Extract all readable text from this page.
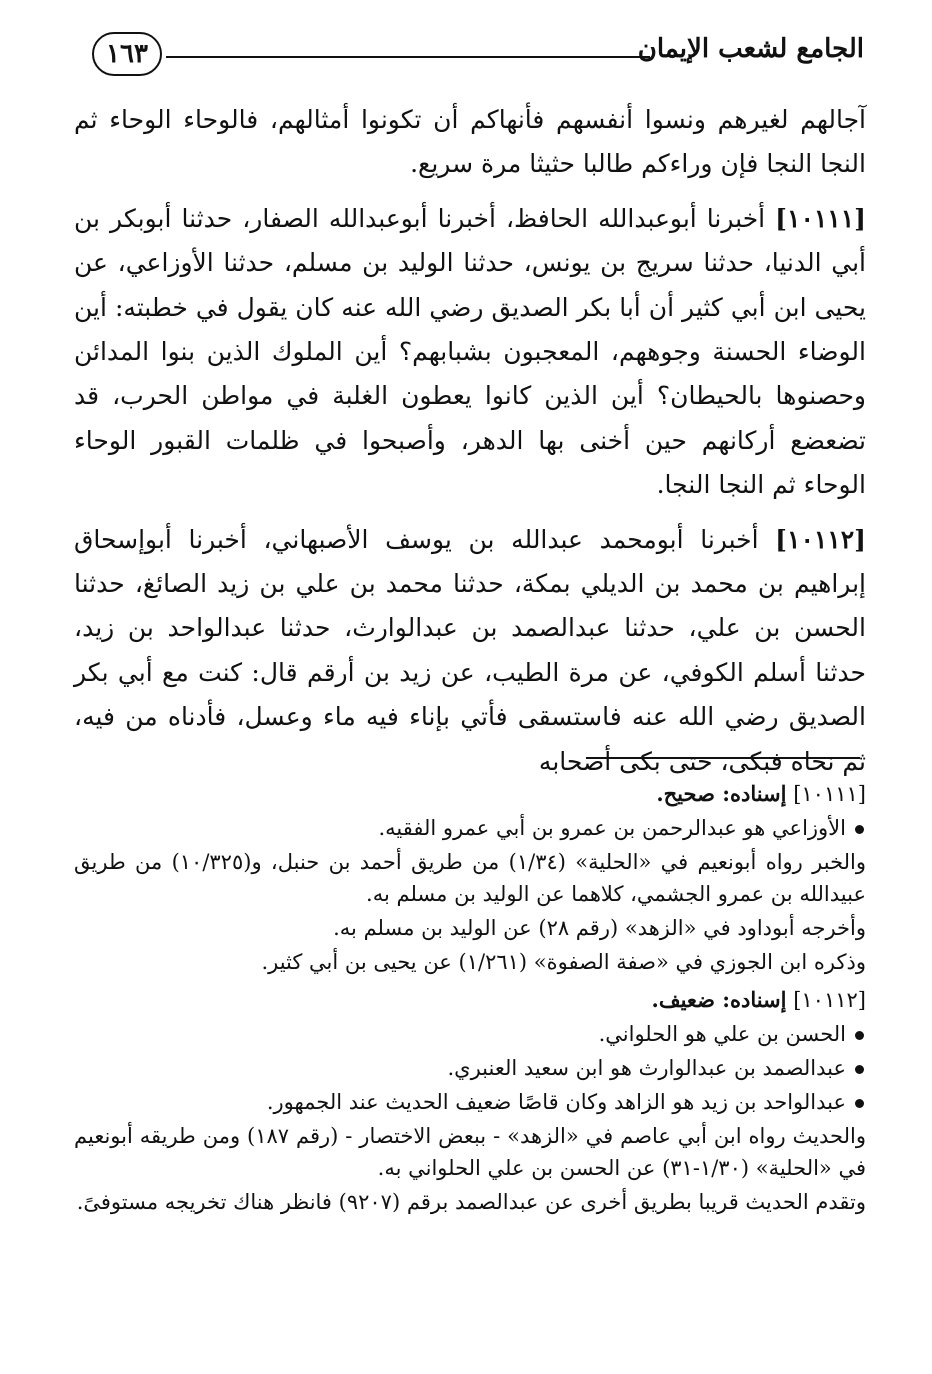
الجامع لشعب الإيمان
١٦٣

آجالهم لغيرهم ونسوا أنفسهم فأنهاكم أن تكونوا أمثالهم، فالوحاء الوحاء ثم النجا النجا فإن وراءكم طالبا حثيثا مرة سريع.

[١٠١١١] أخبرنا أبوعبدالله الحافظ، أخبرنا أبوعبدالله الصفار، حدثنا أبوبكر بن أبي الدنيا، حدثنا سريج بن يونس، حدثنا الوليد بن مسلم، حدثنا الأوزاعي، عن يحيى ابن أبي كثير أن أبا بكر الصديق رضي الله عنه كان يقول في خطبته: أين الوضاء الحسنة وجوههم، المعجبون بشبابهم؟ أين الملوك الذين بنوا المدائن وحصنوها بالحيطان؟ أين الذين كانوا يعطون الغلبة في مواطن الحرب، قد تضعضع أركانهم حين أخنى بها الدهر، وأصبحوا في ظلمات القبور الوحاء الوحاء ثم النجا النجا.

[١٠١١٢] أخبرنا أبومحمد عبدالله بن يوسف الأصبهاني، أخبرنا أبوإسحاق إبراهيم بن محمد بن الديلي بمكة، حدثنا محمد بن علي بن زيد الصائغ، حدثنا الحسن بن علي، حدثنا عبدالصمد بن عبدالوارث، حدثنا عبدالواحد بن زيد، حدثنا أسلم الكوفي، عن مرة الطيب، عن زيد بن أرقم قال: كنت مع أبي بكر الصديق رضي الله عنه فاستسقى فأتي بإناء فيه ماء وعسل، فأدناه من فيه، ثم نحاه فبكى، حتى بكى أصحابه

[١٠١١١] إسناده: صحيح.
الأوزاعي هو عبدالرحمن بن عمرو بن أبي عمرو الفقيه.
والخبر رواه أبونعيم في «الحلية» (١/٣٤) من طريق أحمد بن حنبل، و(١٠/٣٢٥) من طريق عبيدالله بن عمرو الجشمي، كلاهما عن الوليد بن مسلم به.
وأخرجه أبوداود في «الزهد» (رقم ٢٨) عن الوليد بن مسلم به.
وذكره ابن الجوزي في «صفة الصفوة» (١/٢٦١) عن يحيى بن أبي كثير.
[١٠١١٢] إسناده: ضعيف.
الحسن بن علي هو الحلواني.
عبدالصمد بن عبدالوارث هو ابن سعيد العنبري.
عبدالواحد بن زيد هو الزاهد وكان قاصًا ضعيف الحديث عند الجمهور.
والحديث رواه ابن أبي عاصم في «الزهد» - ببعض الاختصار - (رقم ١٨٧) ومن طريقه أبونعيم في «الحلية» (١/٣٠-٣١) عن الحسن بن علي الحلواني به.
وتقدم الحديث قريبا بطريق أخرى عن عبدالصمد برقم (٩٢٠٧) فانظر هناك تخريجه مستوفىً.
